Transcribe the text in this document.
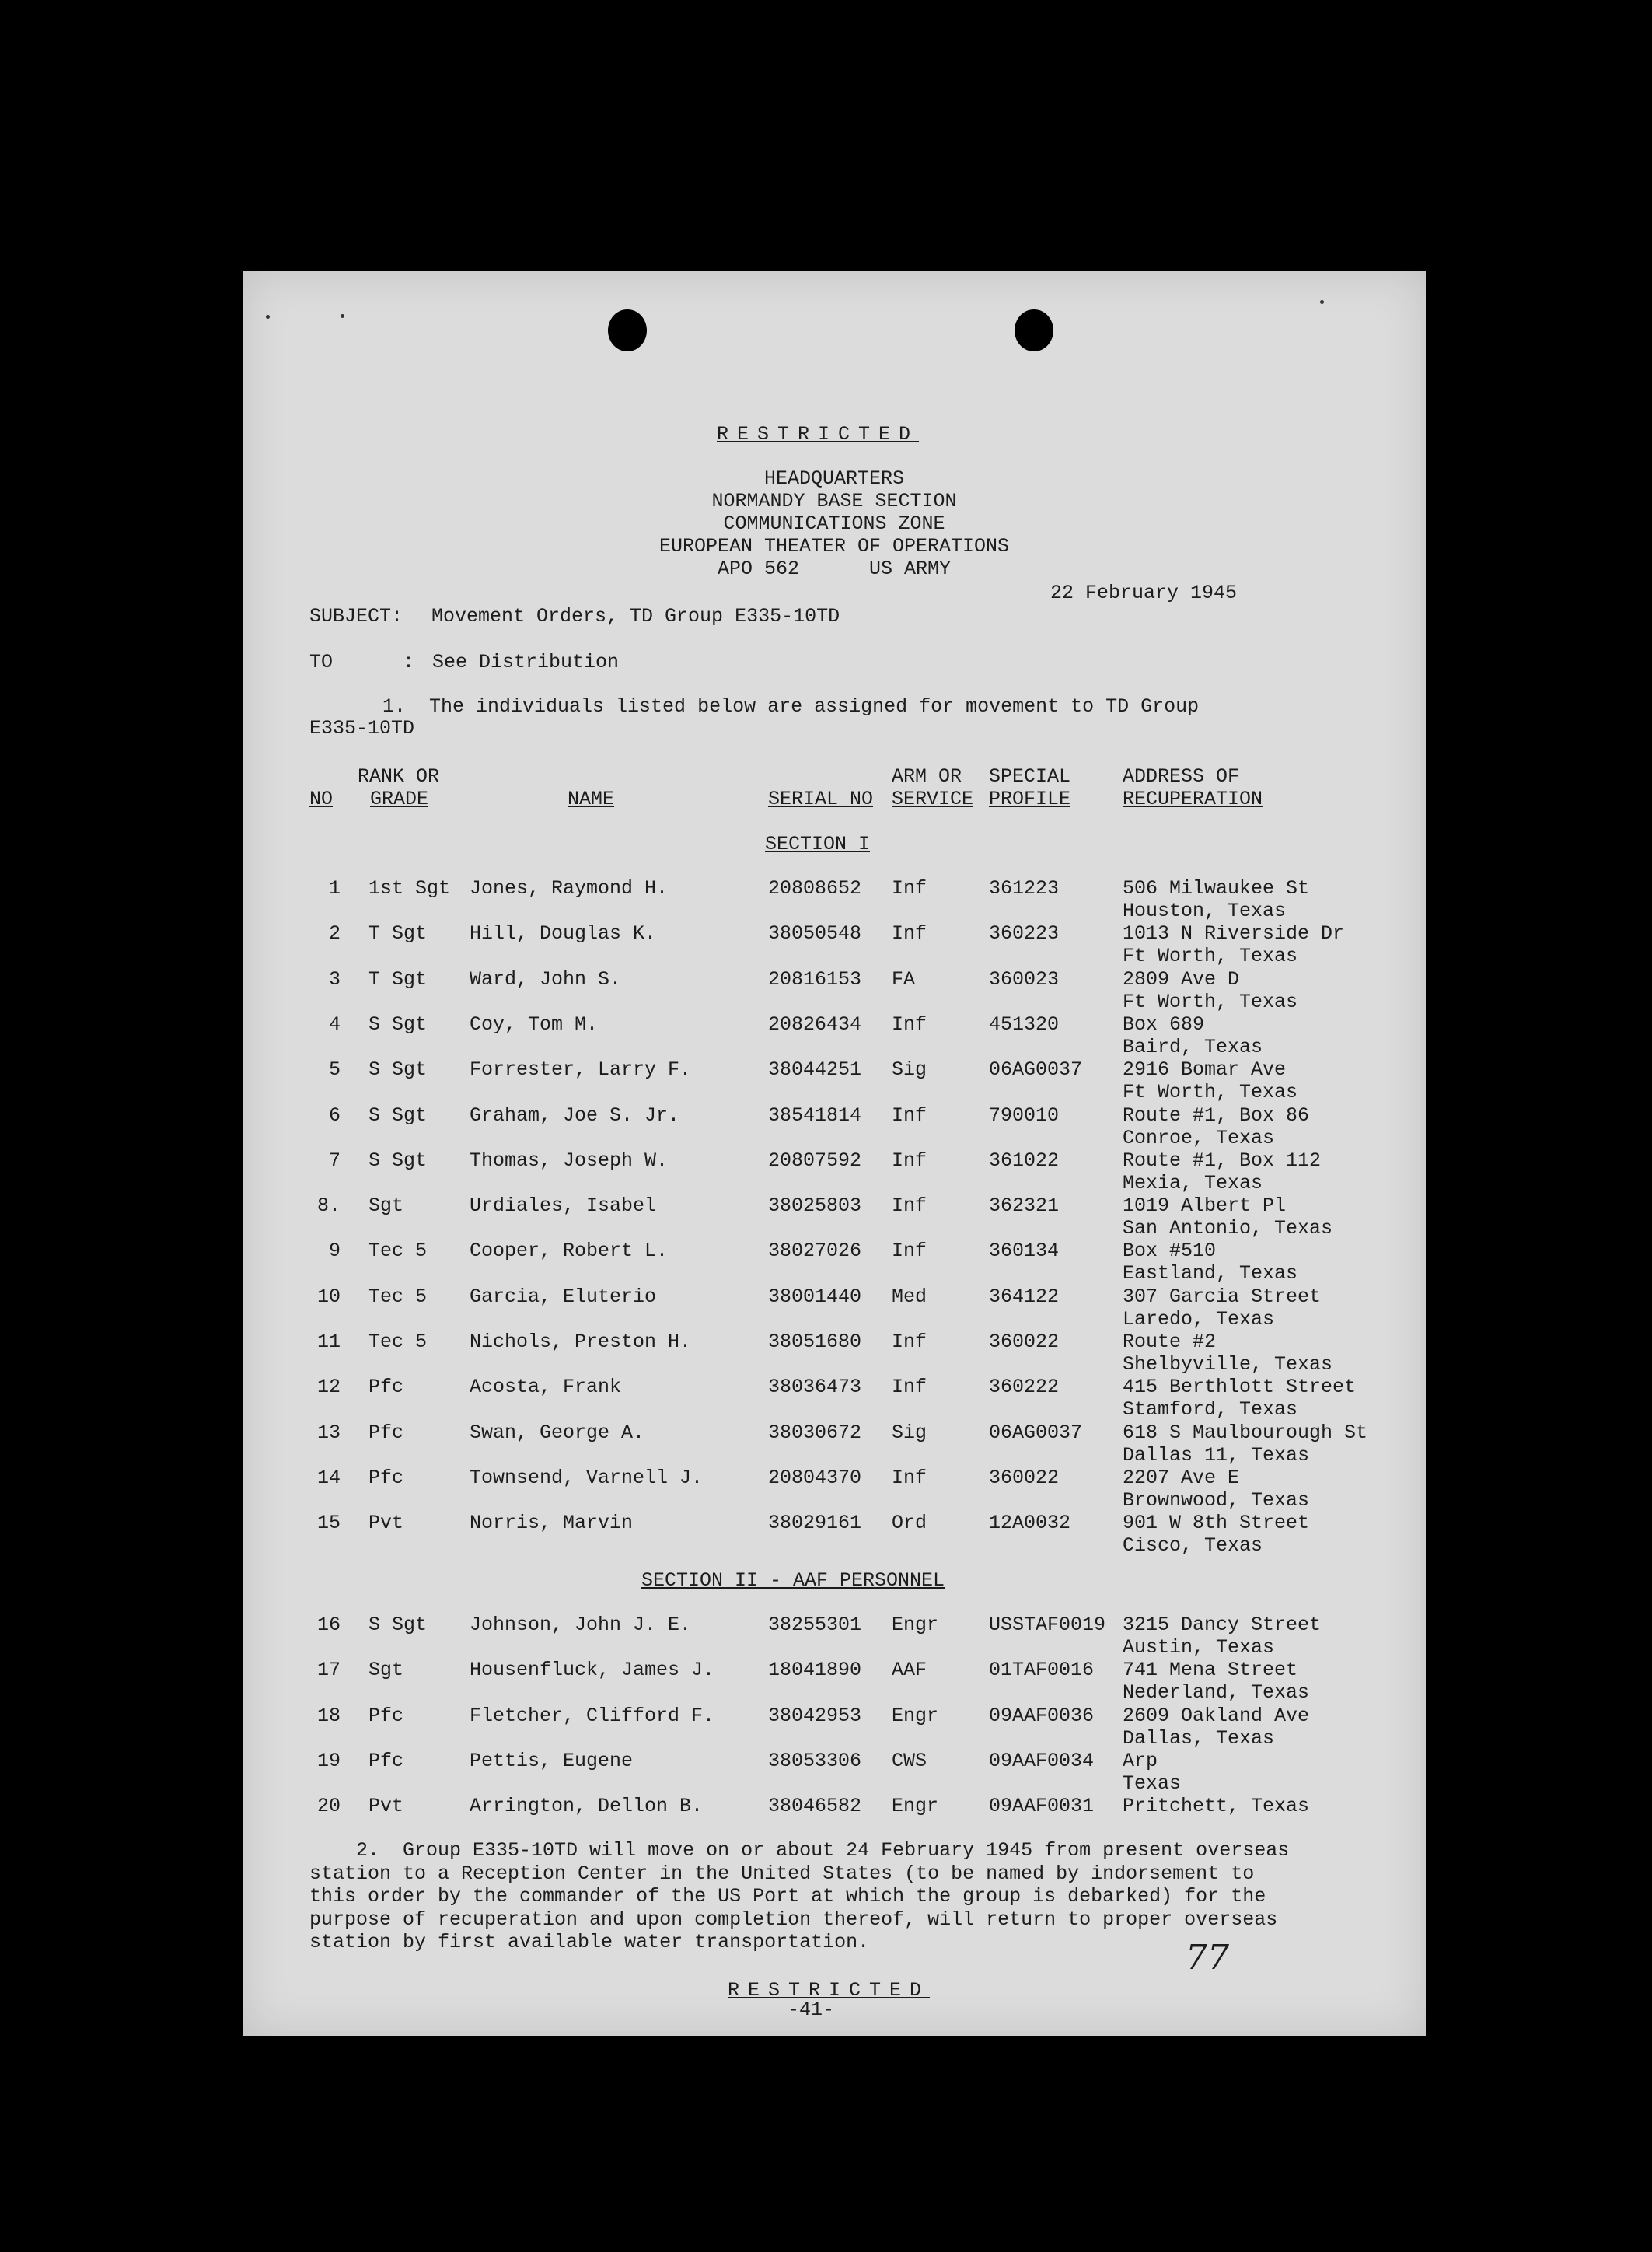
RESTRICTED
HEADQUARTERS
NORMANDY BASE SECTION
COMMUNICATIONS ZONE
EUROPEAN THEATER OF OPERATIONS
APO 562      US ARMY
22 February 1945
SUBJECT: Movement Orders, TD Group E335-10TD
TO      : See Distribution
1.  The individuals listed below are assigned for movement to TD Group
E335-10TD
RANK OR	ARM OR SPECIAL	ADDRESS OF
NO GRADE	NAME	SERIAL NO SERVICE PROFILE	RECUPERATION
SECTION I
1 1st Sgt Jones, Raymond H.	20808652 Inf	361223	506 Milwaukee St
Houston, Texas
2 T Sgt Hill, Douglas K.	38050548 Inf	360223	1013 N Riverside Dr
Ft Worth, Texas
3 T Sgt Ward, John S.	20816153 FA	360023	2809 Ave D
Ft Worth, Texas
4 S Sgt Coy, Tom M.	20826434 Inf	451320	Box 689
Baird, Texas
5 S Sgt Forrester, Larry F.	38044251 Sig	06AG0037 2916 Bomar Ave
Ft Worth, Texas
6 S Sgt Graham, Joe S. Jr.	38541814 Inf	790010	Route #1, Box 86
Conroe, Texas
7 S Sgt Thomas, Joseph W.	20807592 Inf	361022	Route #1, Box 112
Mexia, Texas
8. Sgt	Urdiales, Isabel	38025803 Inf	362321	1019 Albert Pl
San Antonio, Texas
9 Tec 5 Cooper, Robert L.	38027026 Inf	360134	Box #510
Eastland, Texas
10 Tec 5 Garcia, Eluterio	38001440 Med	364122	307 Garcia Street
Laredo, Texas
11 Tec 5 Nichols, Preston H.	38051680 Inf	360022	Route #2
Shelbyville, Texas
12 Pfc	Acosta, Frank	38036473 Inf	360222	415 Berthlott Street
Stamford, Texas
13 Pfc	Swan, George A.	38030672 Sig	06AG0037 618 S Maulbourough St
Dallas 11, Texas
14 Pfc	Townsend, Varnell J.	20804370 Inf	360022	2207 Ave E
Brownwood, Texas
15 Pvt	Norris, Marvin	38029161 Ord	12A0032	901 W 8th Street
Cisco, Texas
SECTION II - AAF PERSONNEL
16 S Sgt Johnson, John J. E.	38255301 Engr	USSTAF0019 3215 Dancy Street
Austin, Texas
17 Sgt	Housenfluck, James J.	18041890 AAF	01TAF0016 741 Mena Street
Nederland, Texas
18 Pfc	Fletcher, Clifford F.	38042953 Engr	09AAF0036 2609 Oakland Ave
Dallas, Texas
19 Pfc	Pettis, Eugene	38053306 CWS	09AAF0034 Arp
Texas
20 Pvt	Arrington, Dellon B.	38046582 Engr	09AAF0031 Pritchett, Texas
2.  Group E335-10TD will move on or about 24 February 1945 from present overseas
station to a Reception Center in the United States (to be named by indorsement to
this order by the commander of the US Port at which the group is debarked) for the
purpose of recuperation and upon completion thereof, will return to proper overseas
station by first available water transportation.	77
RESTRICTED
-41-
